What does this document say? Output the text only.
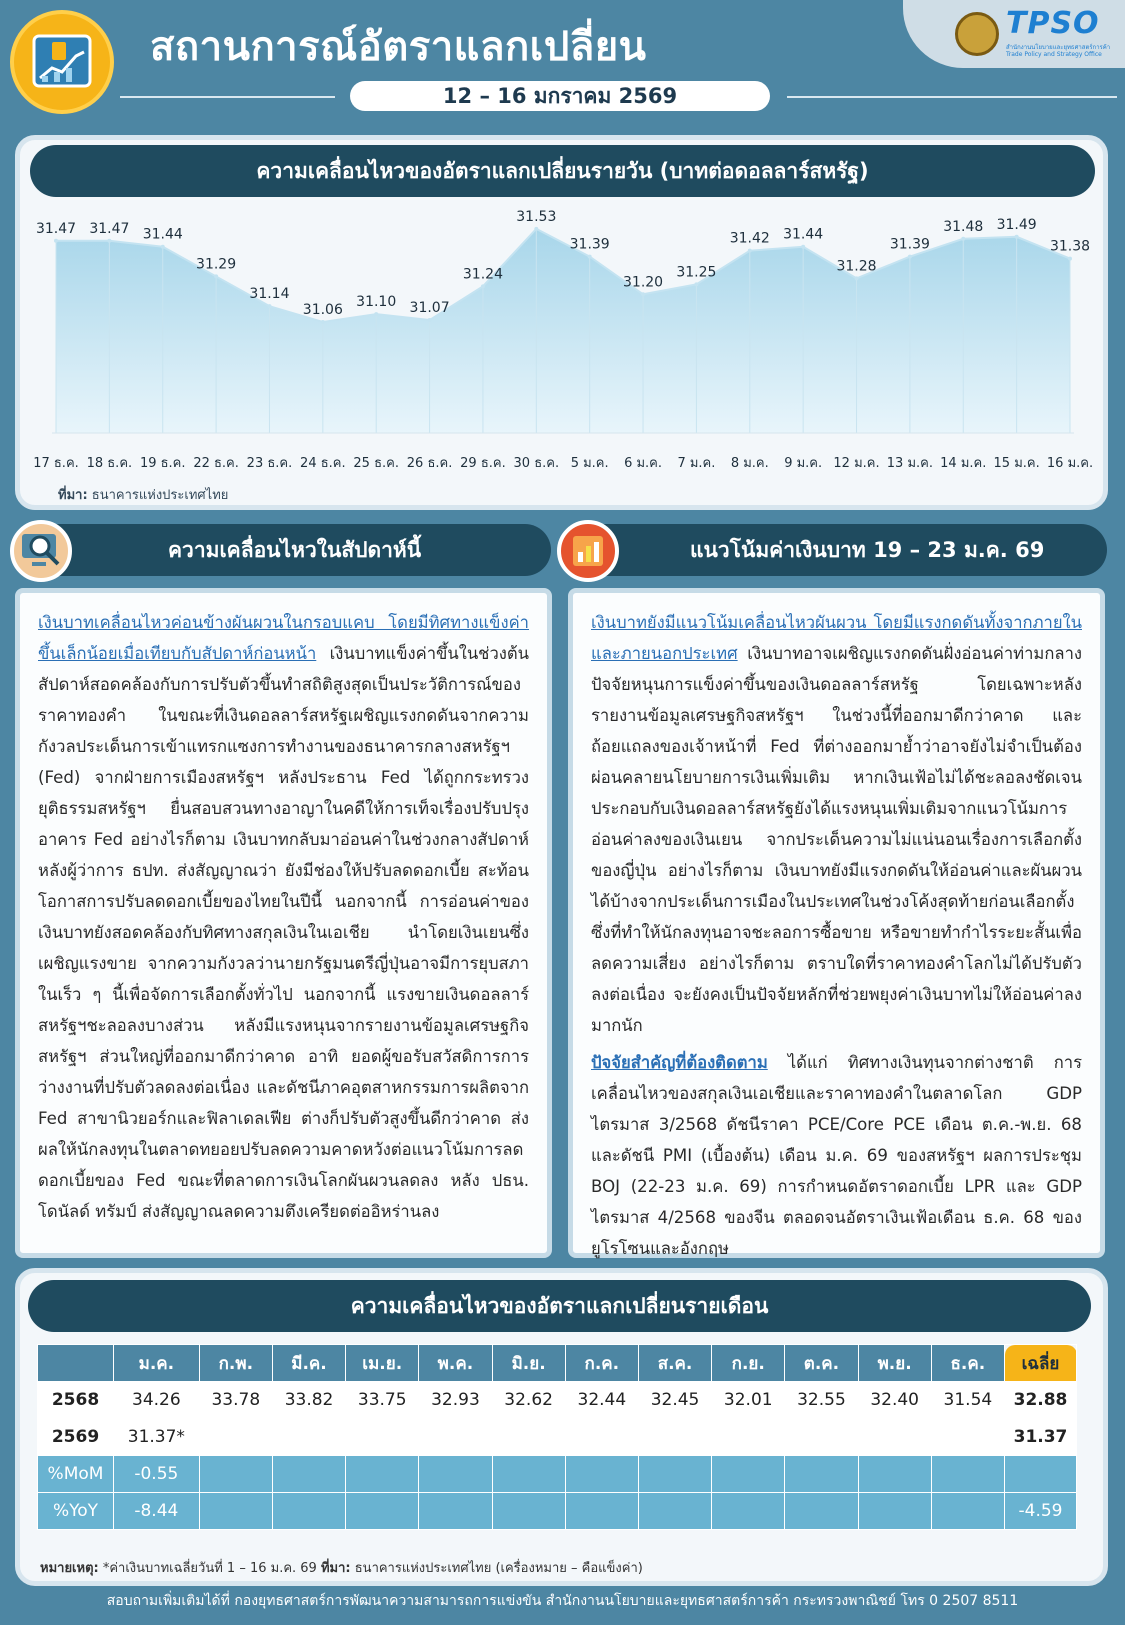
สถานการณ์อัตราแลกเปลี่ยน
12 – 16 มกราคม 2569
TPSO
สำนักงานนโยบายและยุทธศาสตร์การค้า Trade Policy and Strategy Office
ความเคลื่อนไหวของอัตราแลกเปลี่ยนรายวัน (บาทต่อดอลลาร์สหรัฐ)
31.47
17 ธ.ค.
31.47
18 ธ.ค.
31.44
19 ธ.ค.
31.29
22 ธ.ค.
31.14
23 ธ.ค.
31.06
24 ธ.ค.
31.10
25 ธ.ค.
31.07
26 ธ.ค.
31.24
29 ธ.ค.
31.53
30 ธ.ค.
31.39
5 ม.ค.
31.20
6 ม.ค.
31.25
7 ม.ค.
31.42
8 ม.ค.
31.44
9 ม.ค.
31.28
12 ม.ค.
31.39
13 ม.ค.
31.48
14 ม.ค.
31.49
15 ม.ค.
31.38
16 ม.ค.
ที่มา: ธนาคารแห่งประเทศไทย
ความเคลื่อนไหวในสัปดาห์นี้	แนวโน้มค่าเงินบาท 19 – 23 ม.ค. 69
เงินบาทเคลื่อนไหวค่อนข้างผันผวนในกรอบแคบ โดยมีทิศทางแข็งค่าขึ้นเล็กน้อยเมื่อเทียบกับสัปดาห์ก่อนหน้า เงินบาทแข็งค่าขึ้นในช่วงต้นสัปดาห์สอดคล้องกับการปรับตัวขึ้นทำสถิติสูงสุดเป็นประวัติการณ์ของราคาทองคำ ในขณะที่เงินดอลลาร์สหรัฐเผชิญแรงกดดันจากความกังวลประเด็นการเข้าแทรกแซงการทำงานของธนาคารกลางสหรัฐฯ (Fed) จากฝ่ายการเมืองสหรัฐฯ หลังประธาน Fed ได้ถูกกระทรวงยุติธรรมสหรัฐฯ ยื่นสอบสวนทางอาญาในคดีให้การเท็จเรื่องปรับปรุงอาคาร Fed อย่างไรก็ตาม เงินบาทกลับมาอ่อนค่าในช่วงกลางสัปดาห์ หลังผู้ว่าการ ธปท. ส่งสัญญาณว่า ยังมีช่องให้ปรับลดดอกเบี้ย สะท้อนโอกาสการปรับลดดอกเบี้ยของไทยในปีนี้ นอกจากนี้ การอ่อนค่าของเงินบาทยังสอดคล้องกับทิศทางสกุลเงินในเอเชีย นำโดยเงินเยนซึ่งเผชิญแรงขาย จากความกังวลว่านายกรัฐมนตรีญี่ปุ่นอาจมีการยุบสภาในเร็ว ๆ นี้เพื่อจัดการเลือกตั้งทั่วไป นอกจากนี้ แรงขายเงินดอลลาร์สหรัฐฯชะลอลงบางส่วน หลังมีแรงหนุนจากรายงานข้อมูลเศรษฐกิจสหรัฐฯ ส่วนใหญ่ที่ออกมาดีกว่าคาด อาทิ ยอดผู้ขอรับสวัสดิการการว่างงานที่ปรับตัวลดลงต่อเนื่อง และดัชนีภาคอุตสาหกรรมการผลิตจาก Fed สาขานิวยอร์กและฟิลาเดลเฟีย ต่างก็ปรับตัวสูงขึ้นดีกว่าคาด ส่งผลให้นักลงทุนในตลาดทยอยปรับลดความคาดหวังต่อแนวโน้มการลดดอกเบี้ยของ Fed ขณะที่ตลาดการเงินโลกผันผวนลดลง หลัง ปธน. โดนัลด์ ทรัมป์ ส่งสัญญาณลดความตึงเครียดต่ออิหร่านลง
เงินบาทยังมีแนวโน้มเคลื่อนไหวผันผวน โดยมีแรงกดดันทั้งจากภายในและภายนอกประเทศ เงินบาทอาจเผชิญแรงกดดันฝั่งอ่อนค่าท่ามกลางปัจจัยหนุนการแข็งค่าขึ้นของเงินดอลลาร์สหรัฐ โดยเฉพาะหลังรายงานข้อมูลเศรษฐกิจสหรัฐฯ ในช่วงนี้ที่ออกมาดีกว่าคาด และถ้อยแถลงของเจ้าหน้าที่ Fed ที่ต่างออกมาย้ำว่าอาจยังไม่จำเป็นต้องผ่อนคลายนโยบายการเงินเพิ่มเติม หากเงินเฟ้อไม่ได้ชะลอลงชัดเจน ประกอบกับเงินดอลลาร์สหรัฐยังได้แรงหนุนเพิ่มเติมจากแนวโน้มการอ่อนค่าลงของเงินเยน จากประเด็นความไม่แน่นอนเรื่องการเลือกตั้งของญี่ปุ่น อย่างไรก็ตาม เงินบาทยังมีแรงกดดันให้อ่อนค่าและผันผวนได้บ้างจากประเด็นการเมืองในประเทศในช่วงโค้งสุดท้ายก่อนเลือกตั้ง ซึ่งที่ทำให้นักลงทุนอาจชะลอการซื้อขาย หรือขายทำกำไรระยะสั้นเพื่อลดความเสี่ยง อย่างไรก็ตาม ตราบใดที่ราคาทองคำโลกไม่ได้ปรับตัวลงต่อเนื่อง จะยังคงเป็นปัจจัยหลักที่ช่วยพยุงค่าเงินบาทไม่ให้อ่อนค่าลงมากนัก
ปัจจัยสำคัญที่ต้องติดตาม ได้แก่ ทิศทางเงินทุนจากต่างชาติ การเคลื่อนไหวของสกุลเงินเอเชียและราคาทองคำในตลาดโลก GDP ไตรมาส 3/2568 ดัชนีราคา PCE/Core PCE เดือน ต.ค.-พ.ย. 68 และดัชนี PMI (เบื้องต้น) เดือน ม.ค. 69 ของสหรัฐฯ ผลการประชุม BOJ (22-23 ม.ค. 69) การกำหนดอัตราดอกเบี้ย LPR และ GDP ไตรมาส 4/2568 ของจีน ตลอดจนอัตราเงินเฟ้อเดือน ธ.ค. 68 ของยูโรโซนและอังกฤษ
ความเคลื่อนไหวของอัตราแลกเปลี่ยนรายเดือน
	ม.ค.	ก.พ.	มี.ค.	เม.ย.	พ.ค.	มิ.ย.	ก.ค.	ส.ค.	ก.ย.	ต.ค.	พ.ย.	ธ.ค.	เฉลี่ย
2568	34.26	33.78	33.82	33.75	32.93	32.62	32.44	32.45	32.01	32.55	32.40	31.54	32.88
2569	31.37*												31.37
%MoM	-0.55												
%YoY	-8.44												-4.59
หมายเหตุ: *ค่าเงินบาทเฉลี่ยวันที่ 1 – 16 ม.ค. 69 ที่มา: ธนาคารแห่งประเทศไทย (เครื่องหมาย – คือแข็งค่า)
สอบถามเพิ่มเติมได้ที่ กองยุทธศาสตร์การพัฒนาความสามารถการแข่งขัน สำนักงานนโยบายและยุทธศาสตร์การค้า กระทรวงพาณิชย์ โทร 0 2507 8511
